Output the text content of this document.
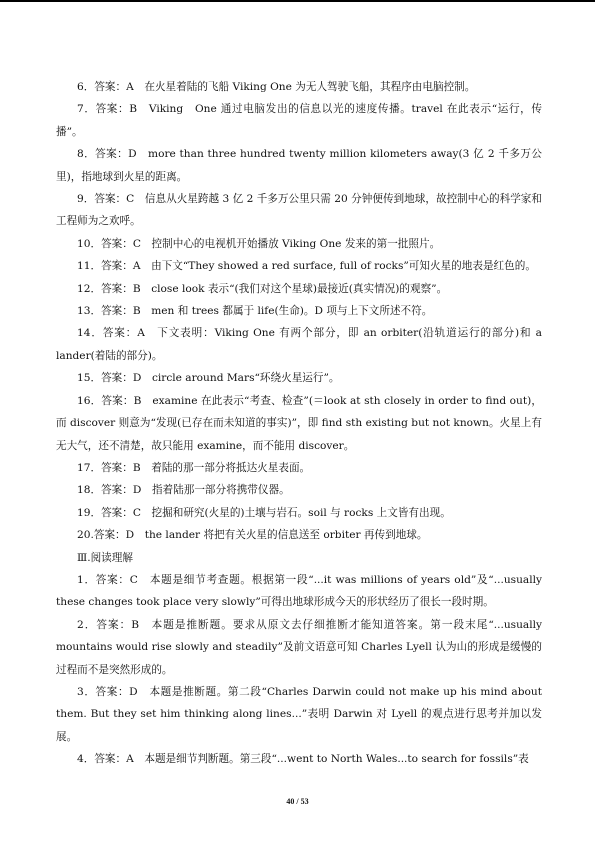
6．答案：A　在火星着陆的飞船 Viking One 为无人驾驶飞船，其程序由电脑控制。

7．答案：B　Viking　One 通过电脑发出的信息以光的速度传播。travel 在此表示“运行，传播”。

8．答案：D　more than three hundred twenty million kilometers away(3 亿 2 千多万公里)，指地球到火星的距离。

9．答案：C　信息从火星跨越 3 亿 2 千多万公里只需 20 分钟便传到地球，故控制中心的科学家和工程师为之欢呼。

10．答案：C　控制中心的电视机开始播放 Viking One 发来的第一批照片。

11．答案：A　由下文“They showed a red surface, full of rocks”可知火星的地表是红色的。

12．答案：B　close look 表示“(我们对这个星球)最接近(真实情况)的观察”。

13．答案：B　men 和 trees 都属于 life(生命)。D 项与上下文所述不符。

14．答案：A　下文表明：Viking One 有两个部分，即 an orbiter(沿轨道运行的部分)和 a lander(着陆的部分)。

15．答案：D　circle around Mars“环绕火星运行”。

16．答案：B　examine 在此表示“考查、检查”(＝look at sth closely in order to find out)，而 discover 则意为“发现(已存在而未知道的事实)”，即 find sth existing but not known。火星上有无大气，还不清楚，故只能用 examine，而不能用 discover。

17．答案：B　着陆的那一部分将抵达火星表面。

18．答案：D　指着陆那一部分将携带仪器。

19．答案：C　挖掘和研究(火星的)土壤与岩石。soil 与 rocks 上文皆有出现。

20.答案：D　the lander 将把有关火星的信息送至 orbiter 再传到地球。

Ⅲ.阅读理解

1．答案：C　本题是细节考查题。根据第一段“...it was millions of years old”及“...usually these changes took place very slowly”可得出地球形成今天的形状经历了很长一段时期。

2．答案：B　本题是推断题。要求从原文去仔细推断才能知道答案。第一段末尾“...usually mountains would rise slowly and steadily”及前文语意可知 Charles Lyell 认为山的形成是缓慢的过程而不是突然形成的。

3．答案：D　本题是推断题。第二段“Charles Darwin could not make up his mind about them. But they set him thinking along lines...”表明 Darwin 对 Lyell 的观点进行思考并加以发展。

4．答案：A　本题是细节判断题。第三段“...went to North Wales...to search for fossils”表

40 / 53
